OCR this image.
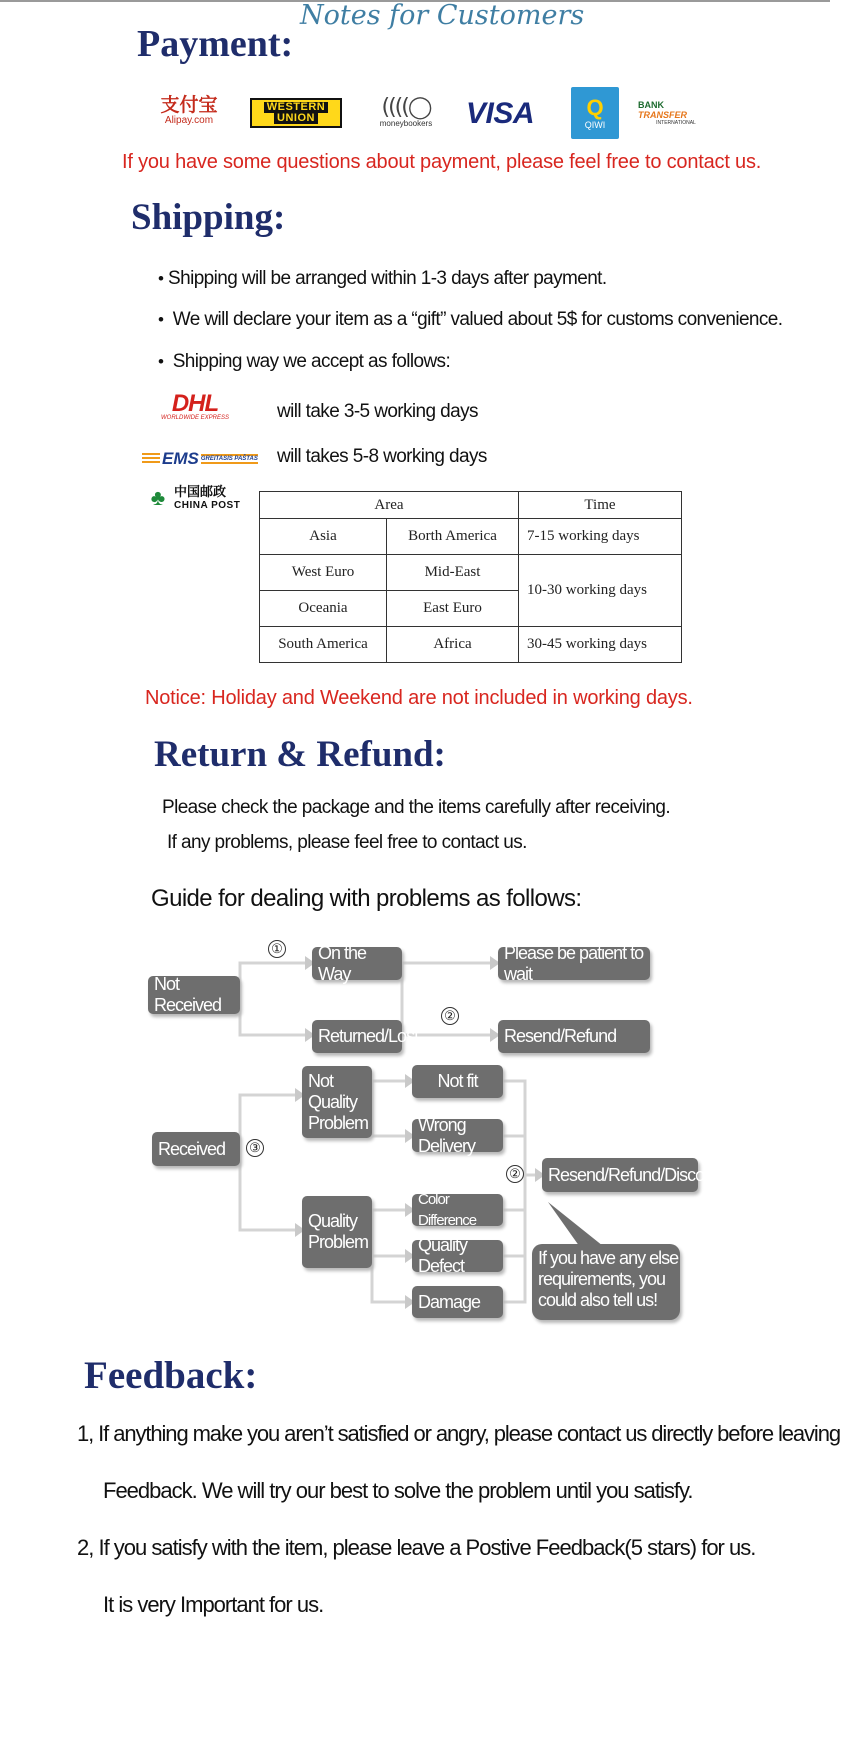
Notes for Customers
Payment:
支付宝
Alipay.com
WESTERN
UNION	((((◯
moneybookers VISA Q
QIWI
BANK TRANSFER
INTERNATIONAL
If you have some questions about payment, please feel free to contact us.
Shipping:
• Shipping will be arranged within 1-3 days after payment.
• We will declare your item as a “gift” valued about 5$ for customs convenience.
• Shipping way we accept as follows:
DHL
WORLDWIDE EXPRESS	will take 3-5 working days
EMS GREITASIS PAŠTAS will takes 5-8 working days
♣ 中国邮政
CHINA POST	Area		Time
Asia	Borth America	7-15 working days
West Euro	Mid-East	10-30 working days
Oceania	East Euro	
South America	Africa	30-45 working days
Notice: Holiday and Weekend are not included in working days.
Return & Refund:
Please check the package and the items carefully after receiving.
If any problems, please feel free to contact us.
Guide for dealing with problems as follows:
Not Received
On the Way
Returned/Lost
Please be patient to wait
Resend/Refund
Received
Not Quality Problem
Quality Problem
Not fit
Wrong Delivery
Color Difference
Quality Defect
Damage
Resend/Refund/Discount
If you have any else requirements, you could also tell us!
①
②
③
②
Feedback:
1, If anything make you aren’t satisfied or angry, please contact us directly before leaving
Feedback. We will try our best to solve the problem until you satisfy.
2, If you satisfy with the item, please leave a Postive Feedback(5 stars) for us.
It is very Important for us.
